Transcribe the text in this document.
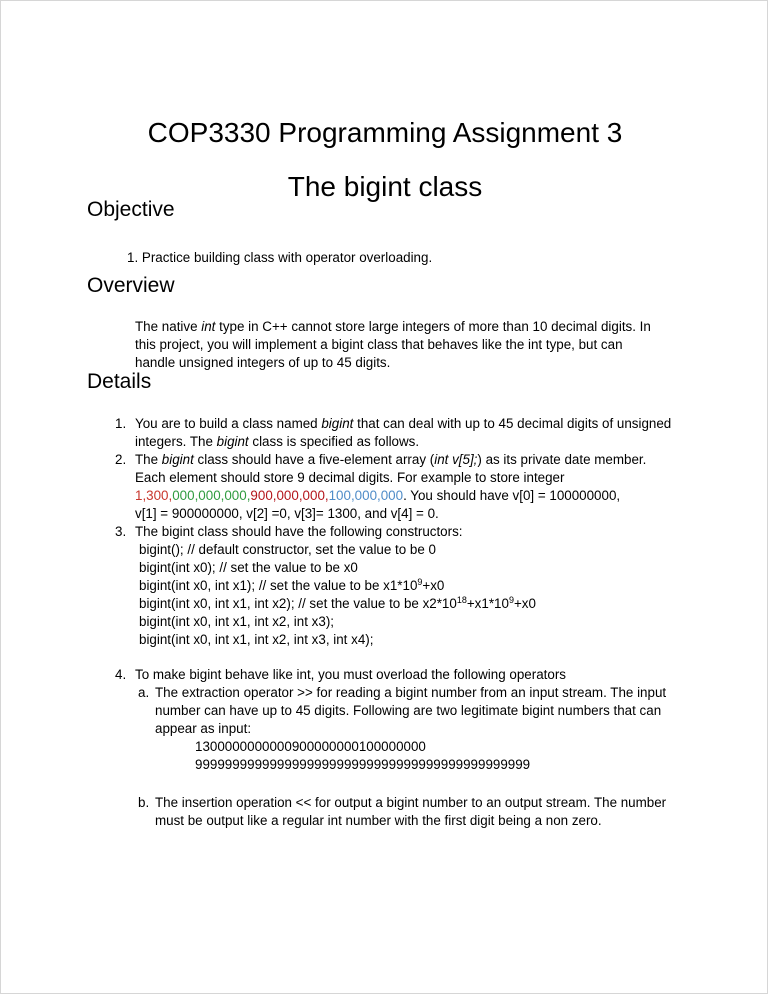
COP3330 Programming Assignment 3
The bigint class
Objective
1. Practice building class with operator overloading.
Overview

The native int type in C++ cannot store large integers of more than 10 decimal digits. In this project, you will implement a bigint class that behaves like the int type, but can handle unsigned integers of up to 45 digits.

Details
1. You are to build a class named bigint that can deal with up to 45 decimal digits of unsigned integers. The bigint class is specified as follows.
2. The bigint class should have a five-element array (int v[5];) as its private date member. Each element should store 9 decimal digits. For example to store integer 1,300,000,000,000,900,000,000,100,000,000. You should have v[0] = 100000000,
v[1] = 900000000, v[2] =0, v[3]= 1300, and v[4] = 0.
3. The bigint class should have the following constructors:
bigint(); // default constructor, set the value to be 0
bigint(int x0); // set the value to be x0
bigint(int x0, int x1); // set the value to be $x1*10^9+x0$
bigint(int x0, int x1, int x2); // set the value to be $x2*10^{18}+x1*10^9+x0$
bigint(int x0, int x1, int x2, int x3);
bigint(int x0, int x1, int x2, int x3, int x4);
4. To make bigint behave like int, you must overload the following operators
a. The extraction operator >> for reading a bigint number from an input stream. The input number can have up to 45 digits. Following are two legitimate bigint numbers that can appear as input:
1300000000000900000000100000000
999999999999999999999999999999999999999999999
b. The insertion operation << for output a bigint number to an output stream. The number must be output like a regular int number with the first digit being a non zero.
